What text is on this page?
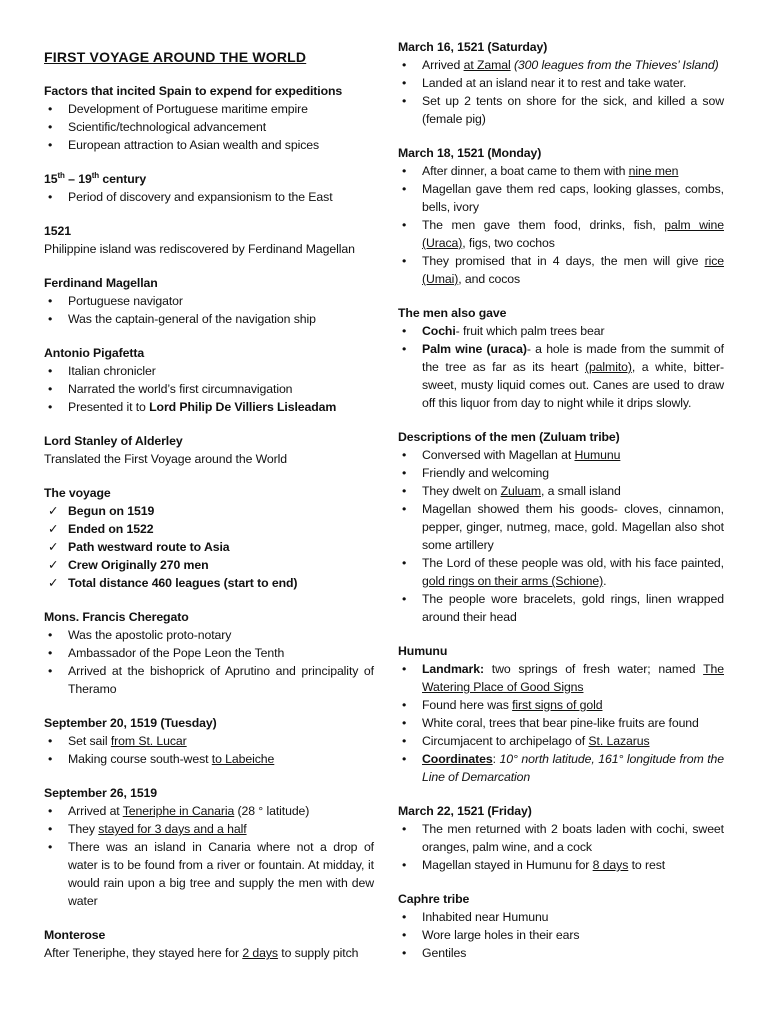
FIRST VOYAGE AROUND THE WORLD
Factors that incited Spain to expend for expeditions
• Development of Portuguese maritime empire
• Scientific/technological advancement
• European attraction to Asian wealth and spices
15th – 19th century
• Period of discovery and expansionism to the East
1521
Philippine island was rediscovered by Ferdinand Magellan
Ferdinand Magellan
• Portuguese navigator
• Was the captain-general of the navigation ship
Antonio Pigafetta
• Italian chronicler
• Narrated the world’s first circumnavigation
• Presented it to Lord Philip De Villiers Lisleadam
Lord Stanley of Alderley
Translated the First Voyage around the World
The voyage
✓ Begun on 1519
✓ Ended on 1522
✓ Path westward route to Asia
✓ Crew Originally 270 men
✓ Total distance 460 leagues (start to end)
Mons. Francis Cheregato
• Was the apostolic proto-notary
• Ambassador of the Pope Leon the Tenth
• Arrived at the bishoprick of Aprutino and principality of Theramo
September 20, 1519 (Tuesday)
• Set sail from St. Lucar
• Making course south-west to Labeiche
September 26, 1519
• Arrived at Teneriphe in Canaria (28 ° latitude)
• They stayed for 3 days and a half
• There was an island in Canaria where not a drop of water is to be found from a river or fountain. At midday, it would rain upon a big tree and supply the men with dew water
Monterose
After Teneriphe, they stayed here for 2 days to supply pitch
March 16, 1521 (Saturday)
• Arrived at Zamal (300 leagues from the Thieves’ Island)
• Landed at an island near it to rest and take water.
• Set up 2 tents on shore for the sick, and killed a sow (female pig)
March 18, 1521 (Monday)
• After dinner, a boat came to them with nine men
• Magellan gave them red caps, looking glasses, combs, bells, ivory
• The men gave them food, drinks, fish, palm wine (Uraca), figs, two cochos
• They promised that in 4 days, the men will give rice (Umai), and cocos
The men also gave
• Cochi- fruit which palm trees bear
• Palm wine (uraca)- a hole is made from the summit of the tree as far as its heart (palmito), a white, bitter-sweet, musty liquid comes out. Canes are used to draw off this liquor from day to night while it drips slowly.
Descriptions of the men (Zuluam tribe)
• Conversed with Magellan at Humunu
• Friendly and welcoming
• They dwelt on Zuluam, a small island
• Magellan showed them his goods- cloves, cinnamon, pepper, ginger, nutmeg, mace, gold. Magellan also shot some artillery
• The Lord of these people was old, with his face painted, gold rings on their arms (Schione).
• The people wore bracelets, gold rings, linen wrapped around their head
Humunu
• Landmark: two springs of fresh water; named The Watering Place of Good Signs
• Found here was first signs of gold
• White coral, trees that bear pine-like fruits are found
• Circumjacent to archipelago of St. Lazarus
• Coordinates: 10° north latitude, 161° longitude from the Line of Demarcation
March 22, 1521 (Friday)
• The men returned with 2 boats laden with cochi, sweet oranges, palm wine, and a cock
• Magellan stayed in Humunu for 8 days to rest
Caphre tribe
• Inhabited near Humunu
• Wore large holes in their ears
• Gentiles
